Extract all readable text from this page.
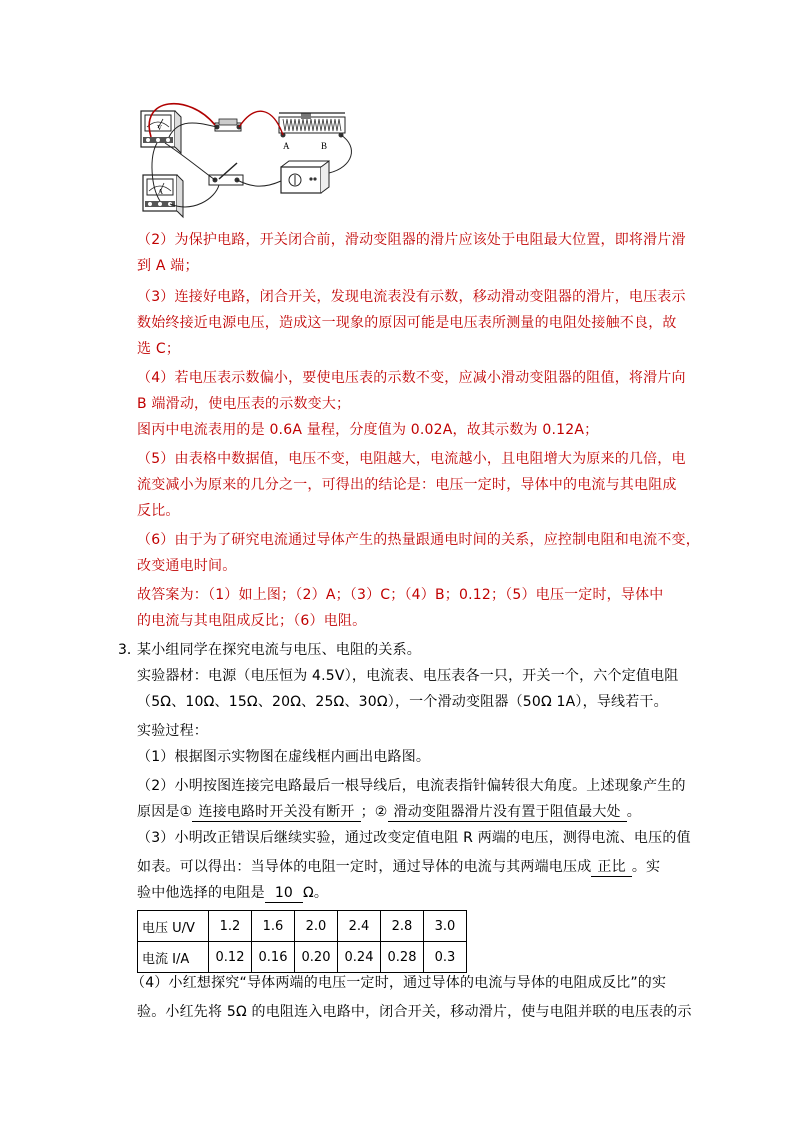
V
A
A	B
（2）为保护电路，开关闭合前，滑动变阻器的滑片应该处于电阻最大位置，即将滑片滑
到 A 端；
（3）连接好电路，闭合开关，发现电流表没有示数，移动滑动变阻器的滑片，电压表示
数始终接近电源电压，造成这一现象的原因可能是电压表所测量的电阻处接触不良，故
选 C；
（4）若电压表示数偏小，要使电压表的示数不变，应减小滑动变阻器的阻值，将滑片向
B 端滑动，使电压表的示数变大；
图丙中电流表用的是 0.6A 量程，分度值为 0.02A，故其示数为 0.12A；
（5）由表格中数据值，电压不变，电阻越大，电流越小，且电阻增大为原来的几倍，电
流变减小为原来的几分之一，可得出的结论是：电压一定时，导体中的电流与其电阻成
反比。
（6）由于为了研究电流通过导体产生的热量跟通电时间的关系，应控制电阻和电流不变，
改变通电时间。
故答案为：（1）如上图；（2）A；（3）C；（4）B；0.12；（5）电压一定时，导体中
的电流与其电阻成反比；（6）电阻。
3．
某小组同学在探究电流与电压、电阻的关系。
实验器材：电源（电压恒为 4.5V），电流表、电压表各一只，开关一个，六个定值电阻
（5Ω、10Ω、15Ω、20Ω、25Ω、30Ω），一个滑动变阻器（50Ω 1A），导线若干。
实验过程：
（1）根据图示实物图在虚线框内画出电路图。
（2）小明按图连接完电路最后一根导线后，电流表指针偏转很大角度。上述现象产生的
原因是① 连接电路时开关没有断开 ；② 滑动变阻器滑片没有置于阻值最大处 。
（3）小明改正错误后继续实验，通过改变定值电阻 R 两端的电压，测得电流、电压的值
如表。可以得出：当导体的电阻一定时，通过导体的电流与其两端电压成 正比 。实
验中他选择的电阻是 10 Ω。
电压 U/V	1.2	1.6	2.0	2.4	2.8	3.0
电流 I/A	0.12	0.16	0.20	0.24	0.28	0.3
（4）小红想探究“导体两端的电压一定时，通过导体的电流与导体的电阻成反比”的实
验。小红先将 5Ω 的电阻连入电路中，闭合开关，移动滑片，使与电阻并联的电压表的示
